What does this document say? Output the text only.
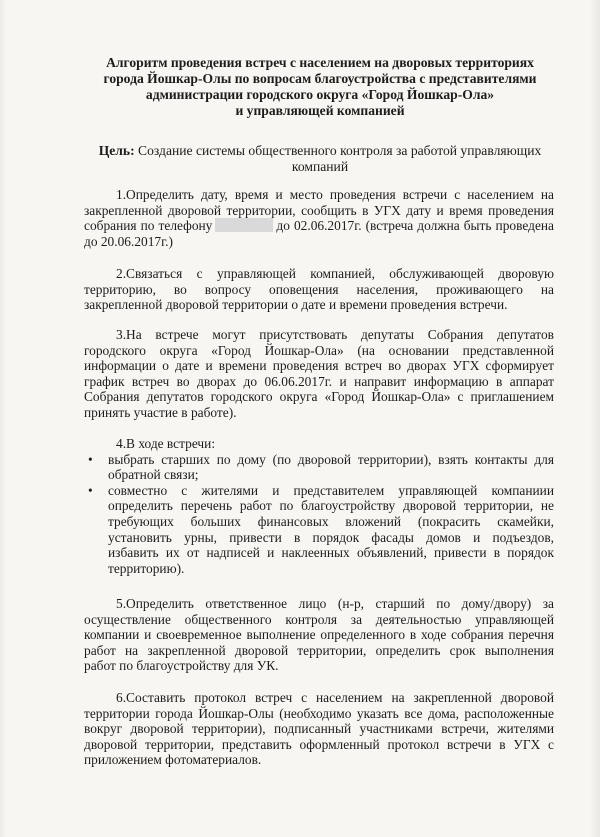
Алгоритм проведения встреч с населением на дворовых территориях
города Йошкар-Олы по вопросам благоустройства с представителями
администрации городского округа «Город Йошкар-Ола»
и управляющей компанией
Цель: Создание системы общественного контроля за работой управляющих
компаний
1.Определить дату, время и место проведения встречи с населением на
закрепленной дворовой территории, сообщить в УГХ дату и время проведения
собрания по телефону	до 02.06.2017г. (встреча должна быть проведена
до 20.06.2017г.)
2.Связаться с управляющей компанией, обслуживающей дворовую
территорию, во вопросу оповещения населения, проживающего на
закрепленной дворовой территории о дате и времени проведения встречи.
3.На встрече могут присутствовать депутаты Собрания депутатов
городского округа «Город Йошкар-Ола» (на основании представленной
информации о дате и времени проведения встреч во дворах УГХ сформирует
график встреч во дворах до 06.06.2017г. и направит информацию в аппарат
Собрания депутатов городского округа «Город Йошкар-Ола» с приглашением
принять участие в работе).
4.В ходе встречи:
• выбрать старших по дому (по дворовой территории), взять контакты для
обратной связи;
• совместно с жителями и представителем управляющей компаниии
определить перечень работ по благоустройству дворовой территории, не
требующих больших финансовых вложений (покрасить скамейки,
установить урны, привести в порядок фасады домов и подъездов,
избавить их от надписей и наклеенных объявлений, привести в порядок
территорию).
5.Определить ответственное лицо (н-р, старший по дому/двору) за
осуществление общественного контроля за деятельностью управляющей
компании и своевременное выполнение определенного в ходе собрания перечня
работ на закрепленной дворовой территории, определить срок выполнения
работ по благоустройству для УК.
6.Составить протокол встреч с населением на закрепленной дворовой
территории города Йошкар-Олы (необходимо указать все дома, расположенные
вокруг дворовой территории), подписанный участниками встречи, жителями
дворовой территории, представить оформленный протокол встречи в УГХ с
приложением фотоматериалов.
